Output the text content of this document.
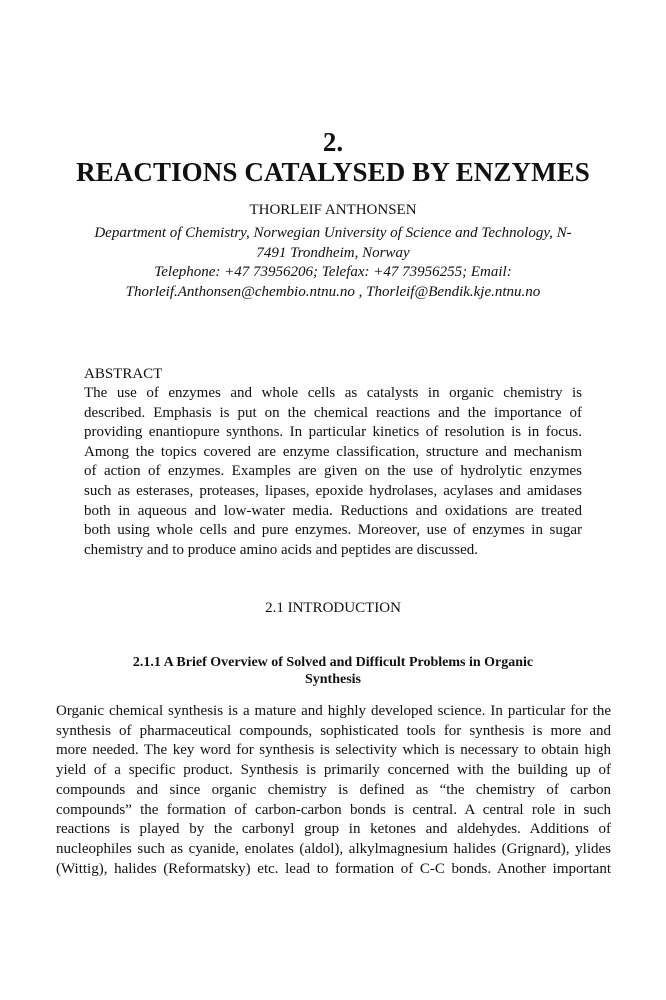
2.
REACTIONS CATALYSED BY ENZYMES
THORLEIF ANTHONSEN
Department of Chemistry, Norwegian University of Science and Technology, N-
7491 Trondheim, Norway
Telephone: +47 73956206; Telefax: +47 73956255; Email:
Thorleif.Anthonsen@chembio.ntnu.no , Thorleif@Bendik.kje.ntnu.no
ABSTRACT
The use of enzymes and whole cells as catalysts in organic chemistry is
described. Emphasis is put on the chemical reactions and the importance of
providing enantiopure synthons. In particular kinetics of resolution is in focus.
Among the topics covered are enzyme classification, structure and mechanism
of action of enzymes. Examples are given on the use of hydrolytic enzymes
such as esterases, proteases, lipases, epoxide hydrolases, acylases and amidases
both in aqueous and low-water media. Reductions and oxidations are treated
both using whole cells and pure enzymes. Moreover, use of enzymes in sugar
chemistry and to produce amino acids and peptides are discussed.
2.1 INTRODUCTION
2.1.1 A Brief Overview of Solved and Difficult Problems in Organic
Synthesis
Organic chemical synthesis is a mature and highly developed science. In particular for the
synthesis of pharmaceutical compounds, sophisticated tools for synthesis is more and
more needed. The key word for synthesis is selectivity which is necessary to obtain high
yield of a specific product. Synthesis is primarily concerned with the building up of
compounds and since organic chemistry is defined as “the chemistry of carbon
compounds” the formation of carbon-carbon bonds is central. A central role in such
reactions is played by the carbonyl group in ketones and aldehydes. Additions of
nucleophiles such as cyanide, enolates (aldol), alkylmagnesium halides (Grignard), ylides
(Wittig), halides (Reformatsky) etc. lead to formation of C-C bonds. Another important
